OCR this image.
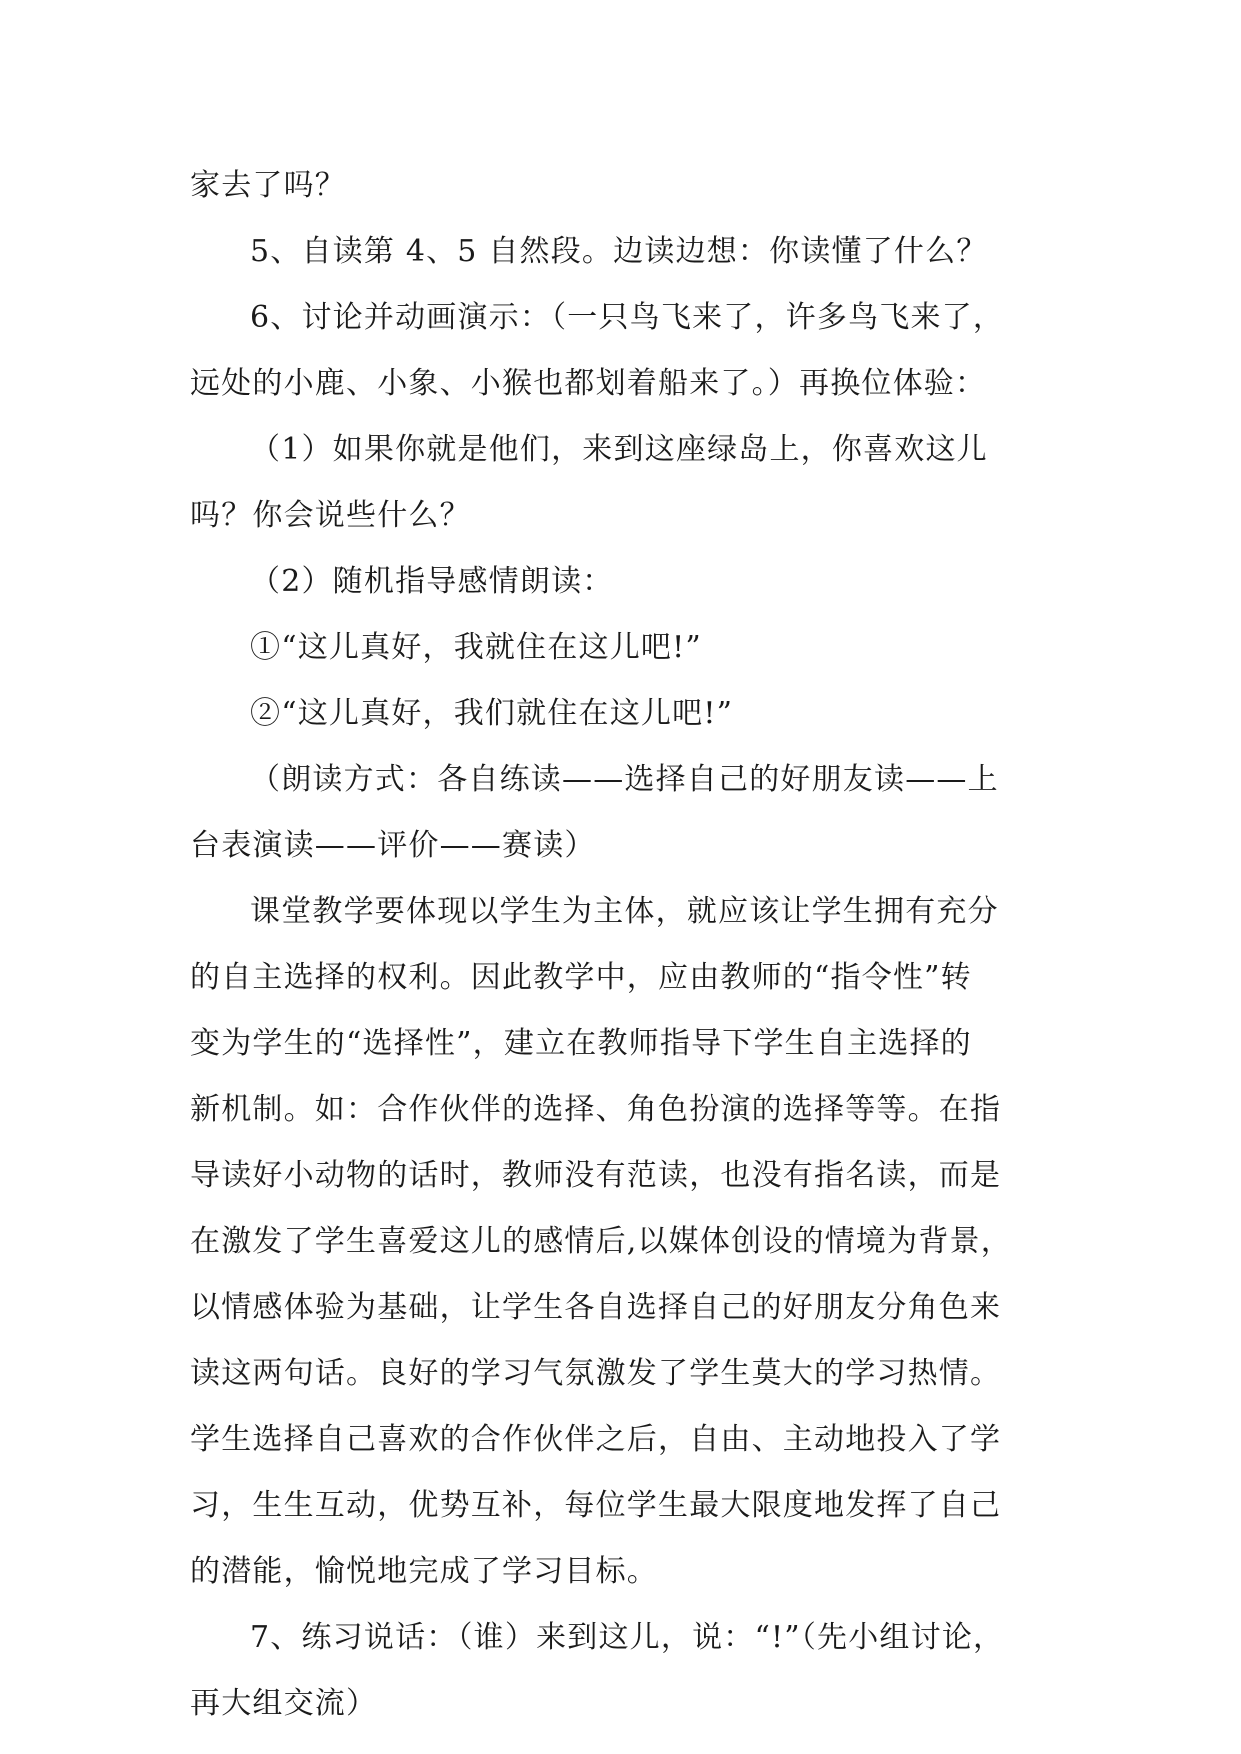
家去了吗？
5、自读第 4、5 自然段。边读边想：你读懂了什么？
6、讨论并动画演示：（一只鸟飞来了，许多鸟飞来了，
远处的小鹿、小象、小猴也都划着船来了。）再换位体验：
（1）如果你就是他们，来到这座绿岛上，你喜欢这儿
吗？你会说些什么？
（2）随机指导感情朗读：
①“这儿真好，我就住在这儿吧!”
②“这儿真好，我们就住在这儿吧!”
（朗读方式：各自练读——选择自己的好朋友读——上
台表演读——评价——赛读）
课堂教学要体现以学生为主体，就应该让学生拥有充分
的自主选择的权利。因此教学中，应由教师的“指令性”转
变为学生的“选择性”，建立在教师指导下学生自主选择的
新机制。如：合作伙伴的选择、角色扮演的选择等等。在指
导读好小动物的话时，教师没有范读，也没有指名读，而是
在激发了学生喜爱这儿的感情后,以媒体创设的情境为背景，
以情感体验为基础，让学生各自选择自己的好朋友分角色来
读这两句话。良好的学习气氛激发了学生莫大的学习热情。
学生选择自己喜欢的合作伙伴之后，自由、主动地投入了学
习，生生互动，优势互补，每位学生最大限度地发挥了自己
的潜能，愉悦地完成了学习目标。
7、练习说话：（谁）来到这儿，说：“!”（先小组讨论，
再大组交流）
